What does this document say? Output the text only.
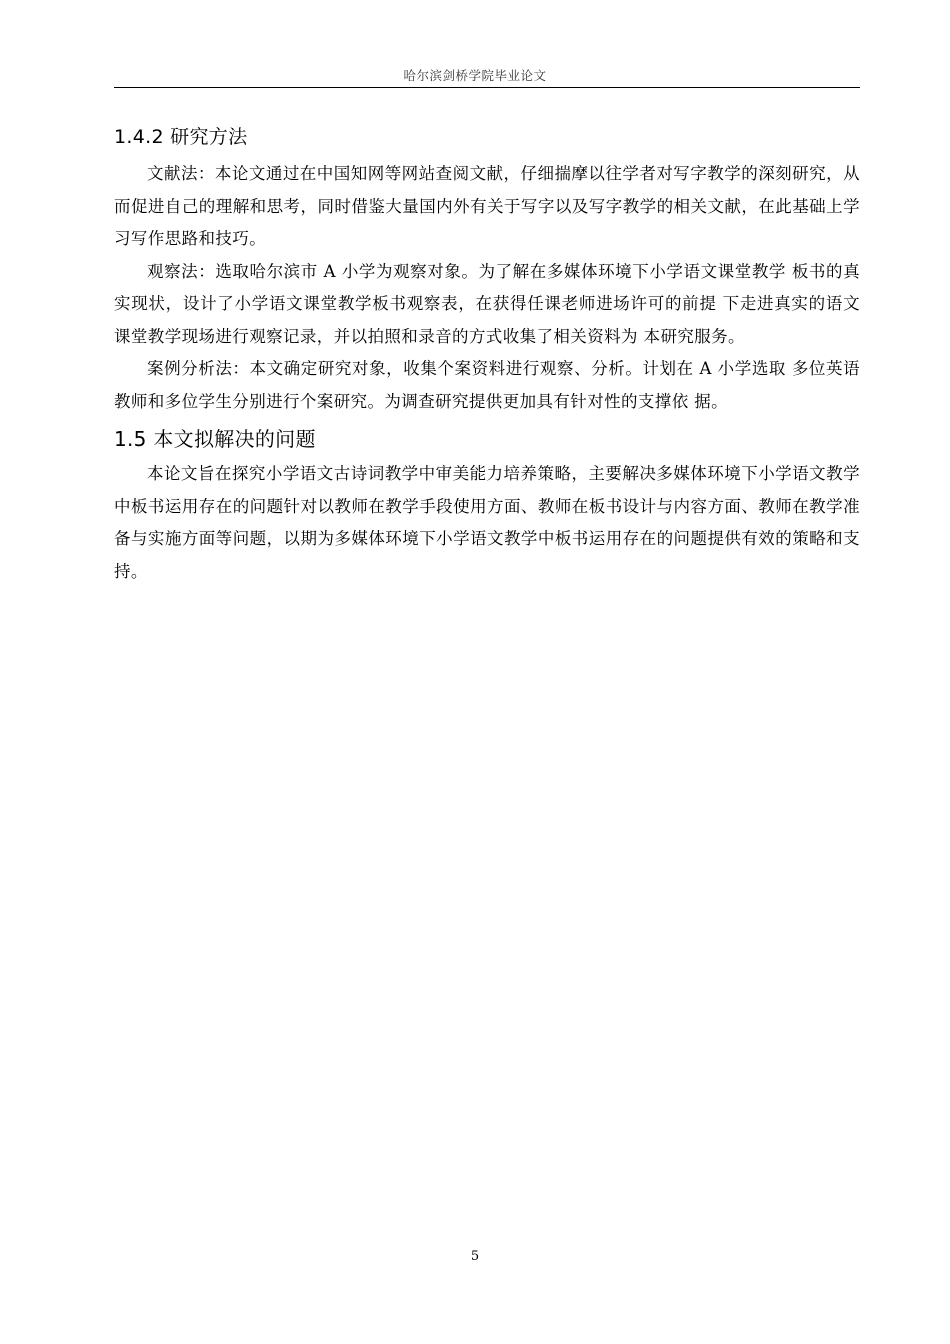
哈尔滨剑桥学院毕业论文
1.4.2 研究方法

文献法：本论文通过在中国知网等网站查阅文献，仔细揣摩以往学者对写字教学的深刻研究，从而促进自己的理解和思考，同时借鉴大量国内外有关于写字以及写字教学的相关文献，在此基础上学习写作思路和技巧。

观察法：选取哈尔滨市 A 小学为观察对象。为了解在多媒体环境下小学语文课堂教学 板书的真实现状，设计了小学语文课堂教学板书观察表，在获得任课老师进场许可的前提 下走进真实的语文课堂教学现场进行观察记录，并以拍照和录音的方式收集了相关资料为 本研究服务。

案例分析法：本文确定研究对象，收集个案资料进行观察、分析。计划在 A 小学选取 多位英语教师和多位学生分别进行个案研究。为调查研究提供更加具有针对性的支撑依 据。

1.5 本文拟解决的问题

本论文旨在探究小学语文古诗词教学中审美能力培养策略，主要解决多媒体环境下小学语文教学中板书运用存在的问题针对以教师在教学手段使用方面、教师在板书设计与内容方面、教师在教学准备与实施方面等问题，以期为多媒体环境下小学语文教学中板书运用存在的问题提供有效的策略和支持。

5
